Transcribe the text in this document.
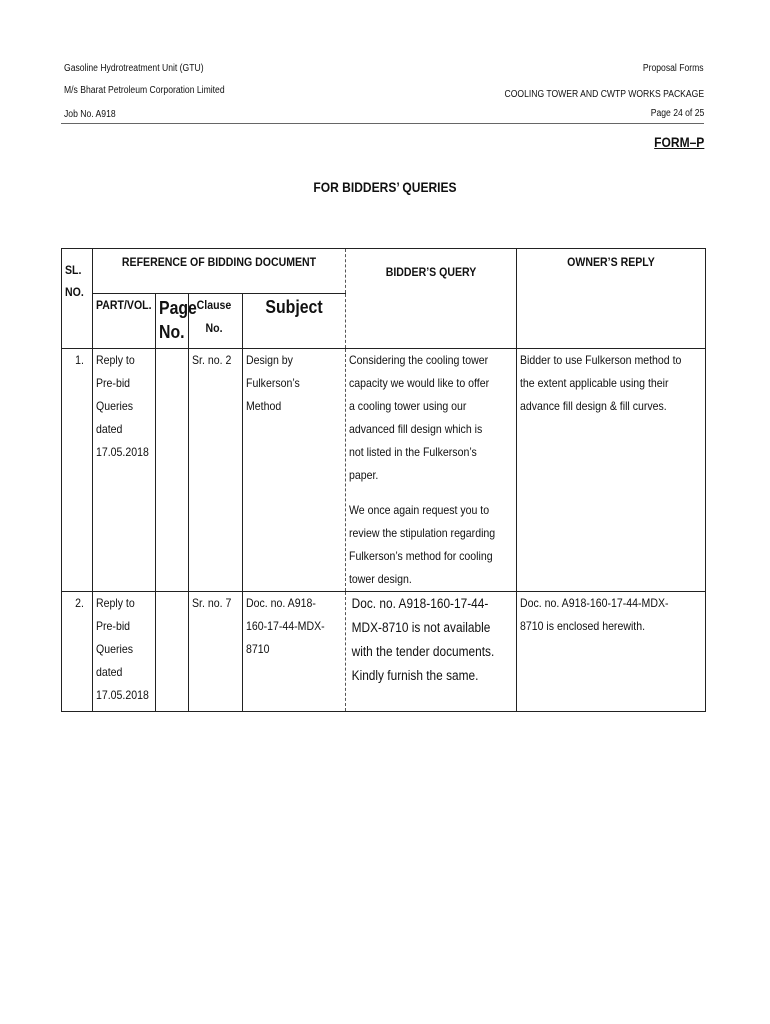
Gasoline Hydrotreatment Unit (GTU)
M/s Bharat Petroleum Corporation Limited
Job No. A918
Proposal Forms
COOLING TOWER AND CWTP WORKS PACKAGE
Page 24 of 25
FORM–P
FOR BIDDERS’ QUERIES
SL. NO.	REFERENCE OF BIDDING DOCUMENT				BIDDER’S QUERY	OWNER’S REPLY

	PART/VOL.	Page No.	Clause No.	Subject		

1.	Reply to Pre-bid Queries dated 17.05.2018		Sr. no. 2	Design by Fulkerson’s Method	Considering the cooling tower capacity we would like to offer a cooling tower using our advanced fill design which is not listed in the Fulkerson’s paper.
We once again request you to review the stipulation regarding Fulkerson’s method for cooling tower design.	Bidder to use Fulkerson method to the extent applicable using their advance fill design & fill curves.

2.	Reply to Pre-bid Queries dated 17.05.2018		Sr. no. 7	Doc. no. A918-160-17-44-MDX-8710	Doc. no. A918-160-17-44-MDX-8710 is not available with the tender documents. Kindly furnish the same.	Doc. no. A918-160-17-44-MDX-8710 is enclosed herewith.
